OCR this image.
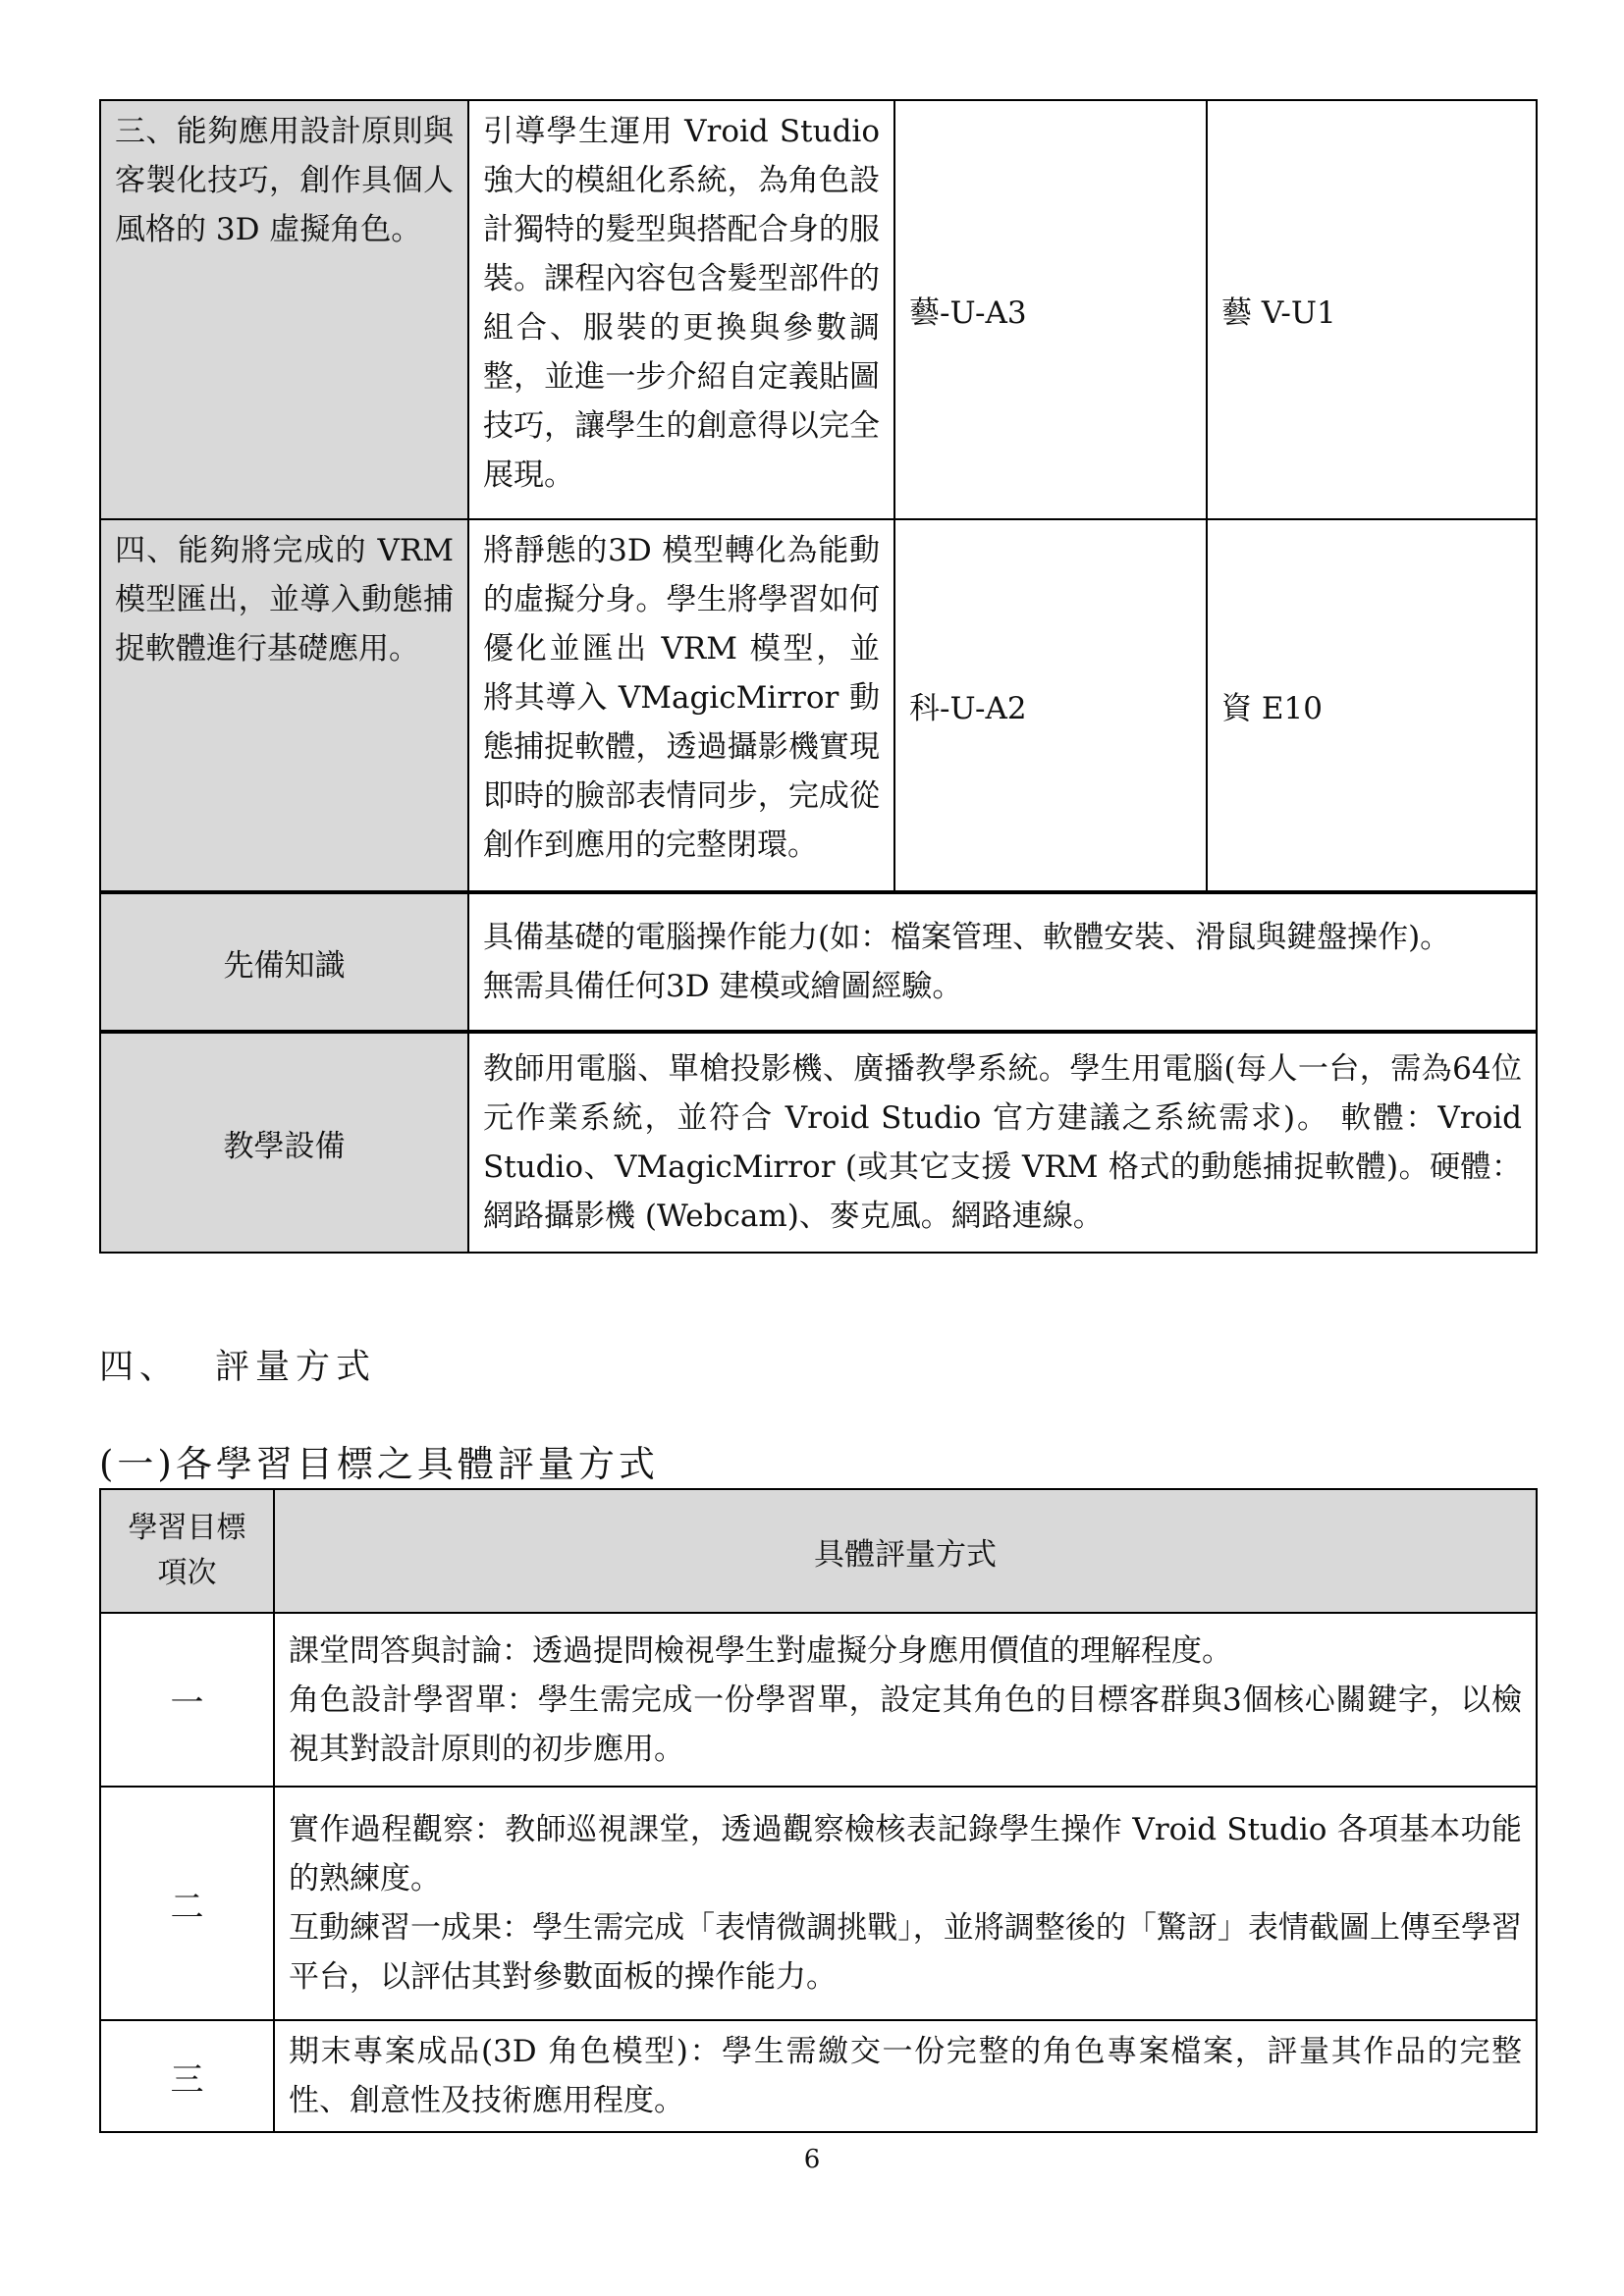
三、能夠應用設計原則與客製化技巧，創作具個人風格的 3D 虛擬角色。	引導學生運用 Vroid Studio 強大的模組化系統，為角色設計獨特的髮型與搭配合身的服裝。課程內容包含髮型部件的組合、服裝的更換與參數調整，並進一步介紹自定義貼圖技巧，讓學生的創意得以完全展現。	藝-U-A3	藝 V-U1

四、能夠將完成的 VRM 模型匯出，並導入動態捕捉軟體進行基礎應用。	將靜態的3D 模型轉化為能動的虛擬分身。學生將學習如何優化並匯出 VRM 模型，並將其導入 VMagicMirror 動態捕捉軟體，透過攝影機實現即時的臉部表情同步，完成從創作到應用的完整閉環。	科-U-A2	資 E10

先備知識	具備基礎的電腦操作能力(如：檔案管理、軟體安裝、滑鼠與鍵盤操作)。
無需具備任何3D 建模或繪圖經驗。		

教學設備	教師用電腦、單槍投影機、廣播教學系統。學生用電腦(每人一台，需為64位元作業系統，並符合 Vroid Studio 官方建議之系統需求)。 軟體：Vroid Studio、VMagicMirror (或其它支援 VRM 格式的動態捕捉軟體)。硬體：網路攝影機 (Webcam)、麥克風。網路連線。		
四、 評量方式
(一)各學習目標之具體評量方式
學習目標
項次	具體評量方式
一	課堂問答與討論：透過提問檢視學生對虛擬分身應用價值的理解程度。
角色設計學習單：學生需完成一份學習單，設定其角色的目標客群與3個核心關鍵字，以檢視其對設計原則的初步應用。

二	實作過程觀察：教師巡視課堂，透過觀察檢核表記錄學生操作 Vroid Studio 各項基本功能的熟練度。
互動練習一成果：學生需完成「表情微調挑戰」，並將調整後的「驚訝」表情截圖上傳至學習平台，以評估其對參數面板的操作能力。

三	期末專案成品(3D 角色模型)：學生需繳交一份完整的角色專案檔案，評量其作品的完整性、創意性及技術應用程度。
6
